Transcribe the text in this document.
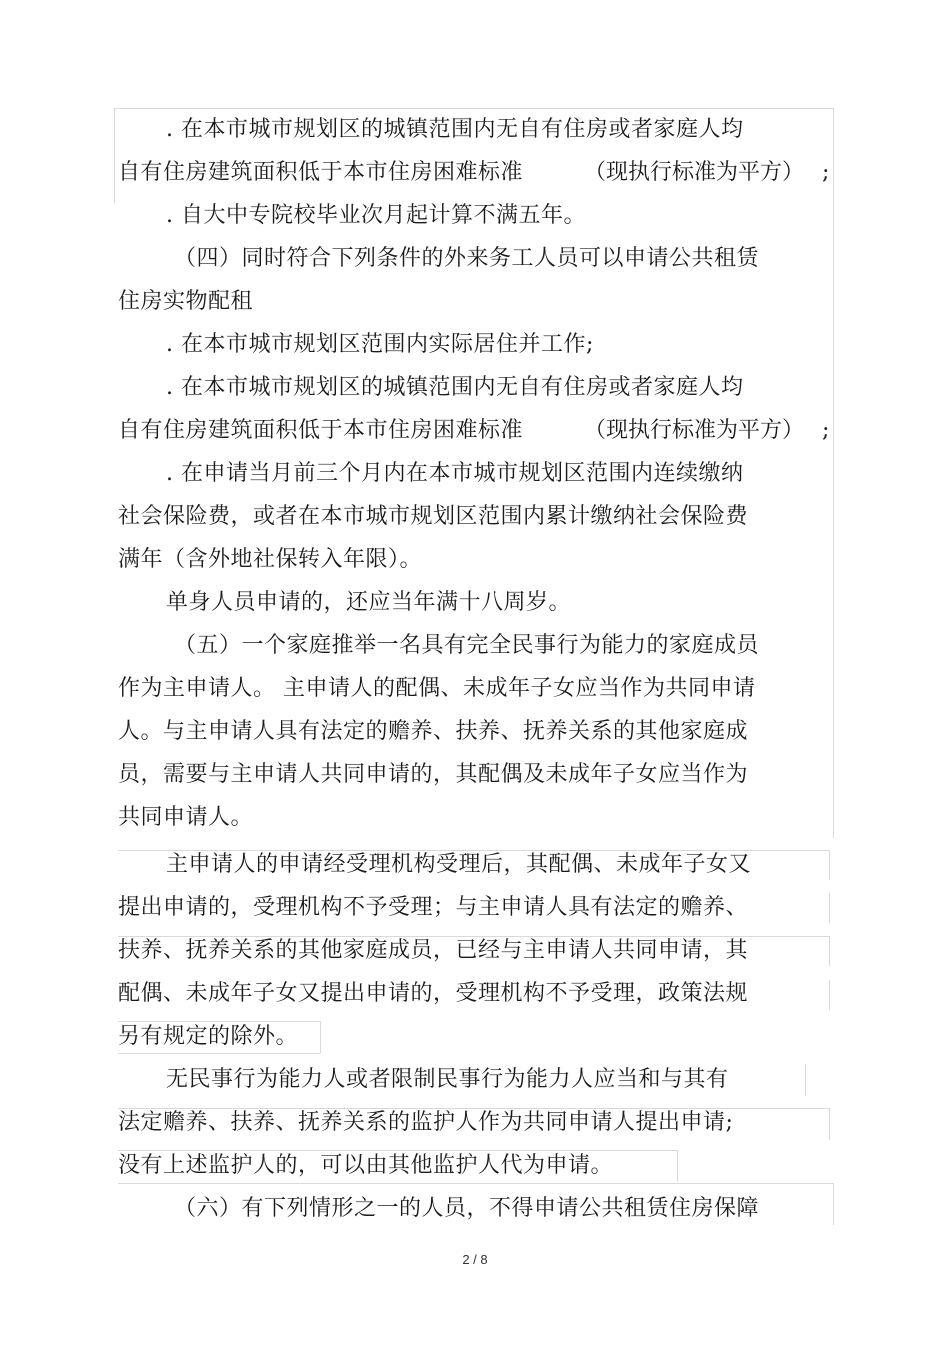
. 在本市城市规划区的城镇范围内无自有住房或者家庭人均
自有住房建筑面积低于本市住房困难标准	（现执行标准为平方） ;
. 自大中专院校毕业次月起计算不满五年。
（四）同时符合下列条件的外来务工人员可以申请公共租赁
住房实物配租
. 在本市城市规划区范围内实际居住并工作;
. 在本市城市规划区的城镇范围内无自有住房或者家庭人均
自有住房建筑面积低于本市住房困难标准	（现执行标准为平方） ;
. 在申请当月前三个月内在本市城市规划区范围内连续缴纳
社会保险费，或者在本市城市规划区范围内累计缴纳社会保险费
满年（含外地社保转入年限）。
单身人员申请的，还应当年满十八周岁。
（五）一个家庭推举一名具有完全民事行为能力的家庭成员
作为主申请人。 主申请人的配偶、未成年子女应当作为共同申请
人。与主申请人具有法定的赡养、扶养、抚养关系的其他家庭成
员，需要与主申请人共同申请的，其配偶及未成年子女应当作为
共同申请人。
主申请人的申请经受理机构受理后，其配偶、未成年子女又
提出申请的，受理机构不予受理；与主申请人具有法定的赡养、
扶养、抚养关系的其他家庭成员，已经与主申请人共同申请，其
配偶、未成年子女又提出申请的，受理机构不予受理，政策法规
另有规定的除外。
无民事行为能力人或者限制民事行为能力人应当和与其有
法定赡养、扶养、抚养关系的监护人作为共同申请人提出申请;
没有上述监护人的，可以由其他监护人代为申请。
（六）有下列情形之一的人员，不得申请公共租赁住房保障
2 / 8
